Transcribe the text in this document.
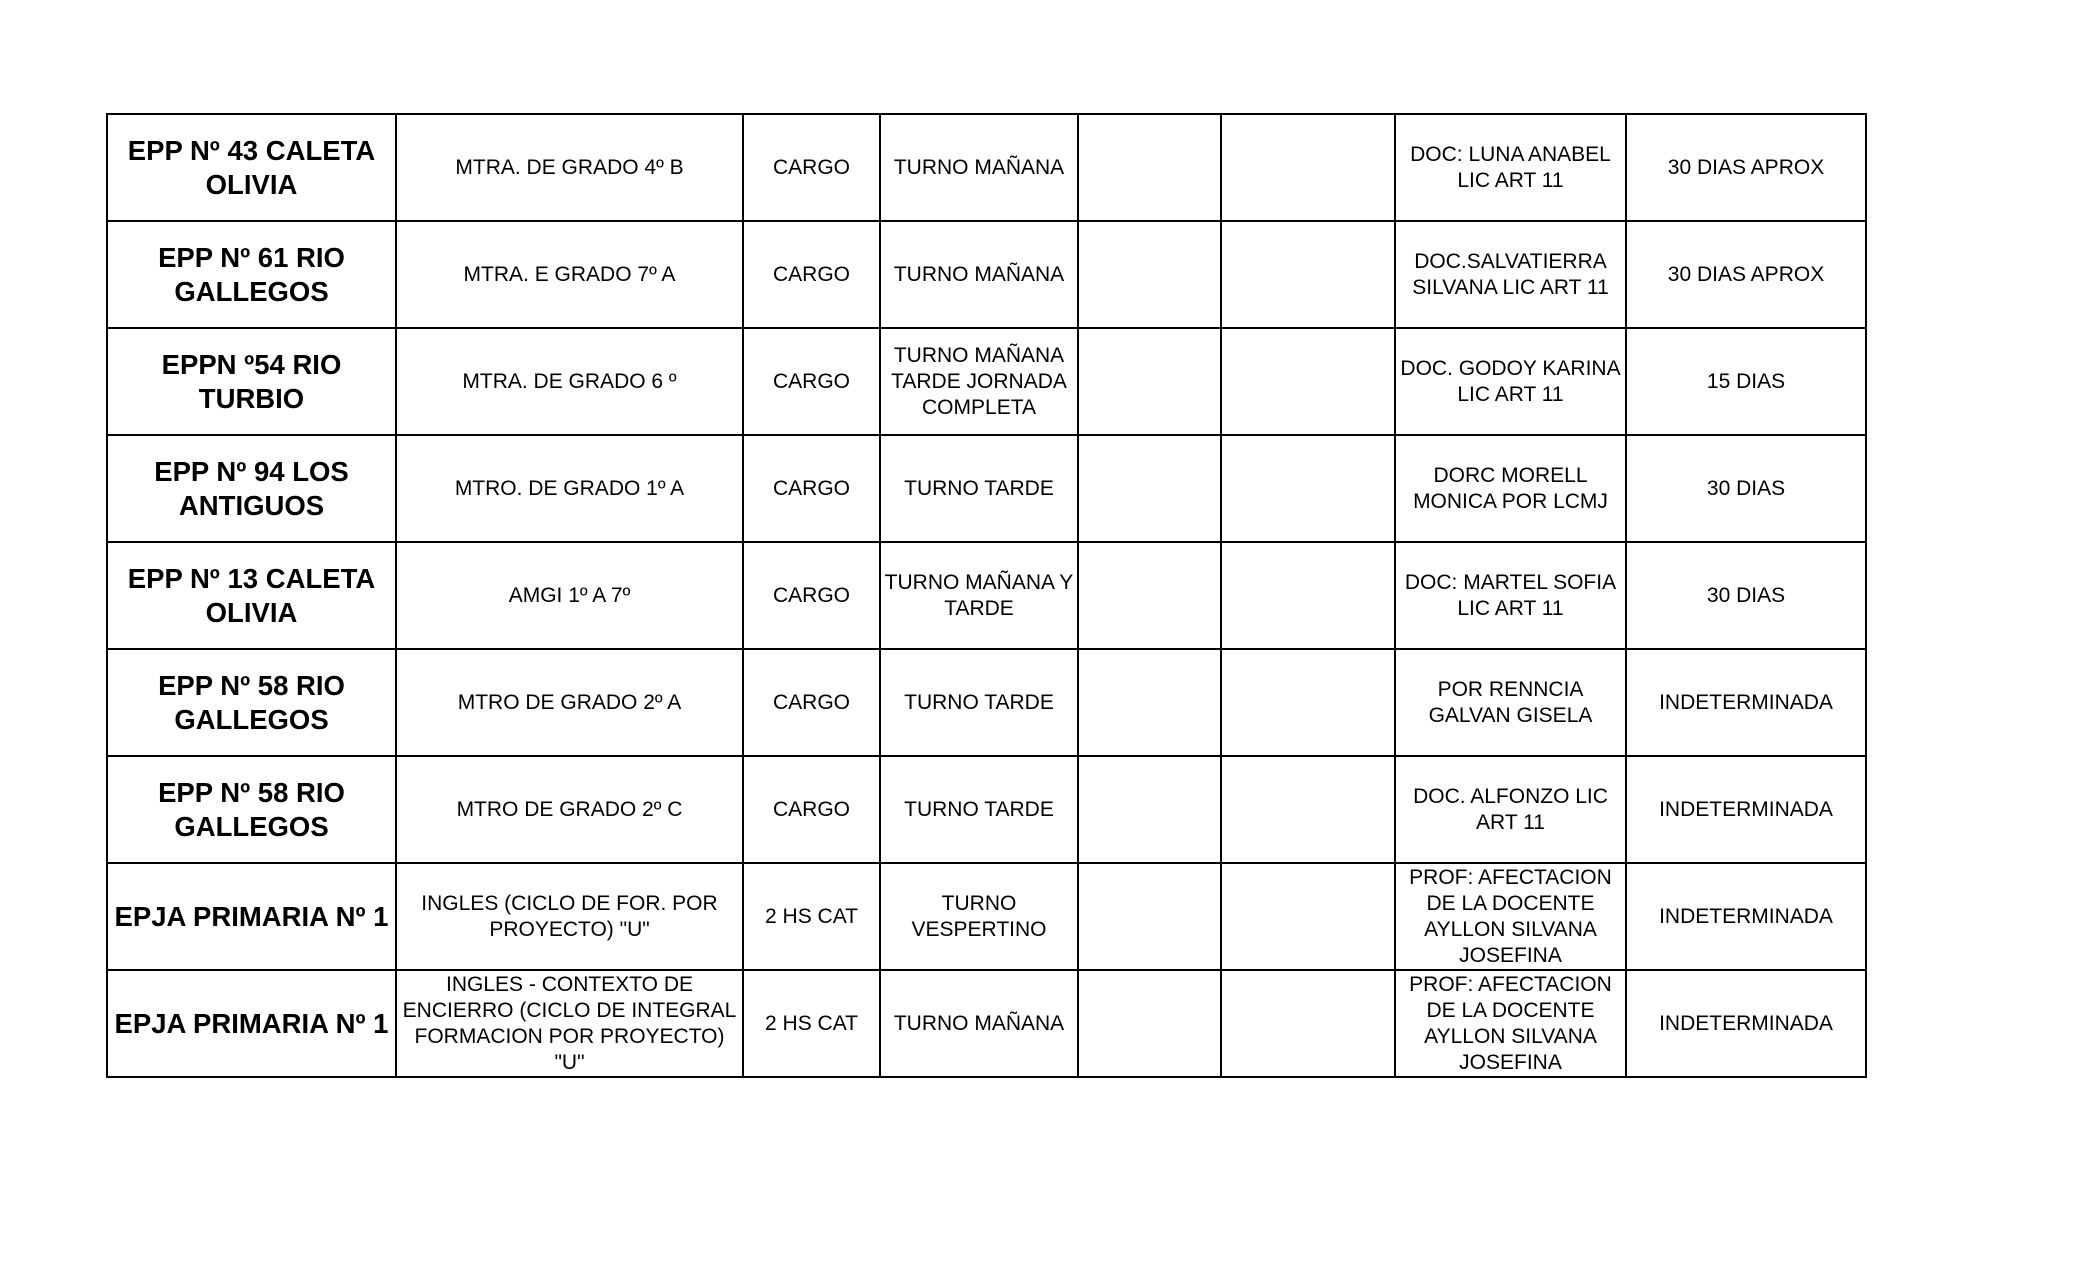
EPP Nº 43 CALETA OLIVIA	MTRA. DE GRADO 4º B	CARGO	TURNO MAÑANA			DOC: LUNA ANABEL LIC ART 11	30 DIAS APROX
EPP Nº 61 RIO GALLEGOS	MTRA. E GRADO 7º A	CARGO	TURNO MAÑANA			DOC.SALVATIERRA SILVANA LIC ART 11	30 DIAS APROX
EPPN º54 RIO TURBIO	MTRA. DE GRADO 6 º	CARGO	TURNO MAÑANA TARDE JORNADA COMPLETA			DOC. GODOY KARINA LIC ART 11	15 DIAS
EPP Nº 94 LOS ANTIGUOS	MTRO. DE GRADO 1º A	CARGO	TURNO TARDE			DORC MORELL MONICA POR LCMJ	30 DIAS
EPP Nº 13 CALETA OLIVIA	AMGI 1º A 7º	CARGO	TURNO MAÑANA Y TARDE			DOC: MARTEL SOFIA LIC ART 11	30 DIAS
EPP Nº 58 RIO GALLEGOS	MTRO DE GRADO 2º A	CARGO	TURNO TARDE			POR RENNCIA GALVAN GISELA	INDETERMINADA
EPP Nº 58 RIO GALLEGOS	MTRO DE GRADO 2º C	CARGO	TURNO TARDE			DOC. ALFONZO LIC ART 11	INDETERMINADA
EPJA PRIMARIA Nº 1	INGLES (CICLO DE FOR. POR PROYECTO) "U"	2 HS CAT	TURNO VESPERTINO			PROF: AFECTACION DE LA DOCENTE AYLLON SILVANA JOSEFINA	INDETERMINADA
EPJA PRIMARIA Nº 1	INGLES - CONTEXTO DE ENCIERRO (CICLO DE INTEGRAL FORMACION POR PROYECTO) "U"	2 HS CAT	TURNO MAÑANA			PROF: AFECTACION DE LA DOCENTE AYLLON SILVANA JOSEFINA	INDETERMINADA
